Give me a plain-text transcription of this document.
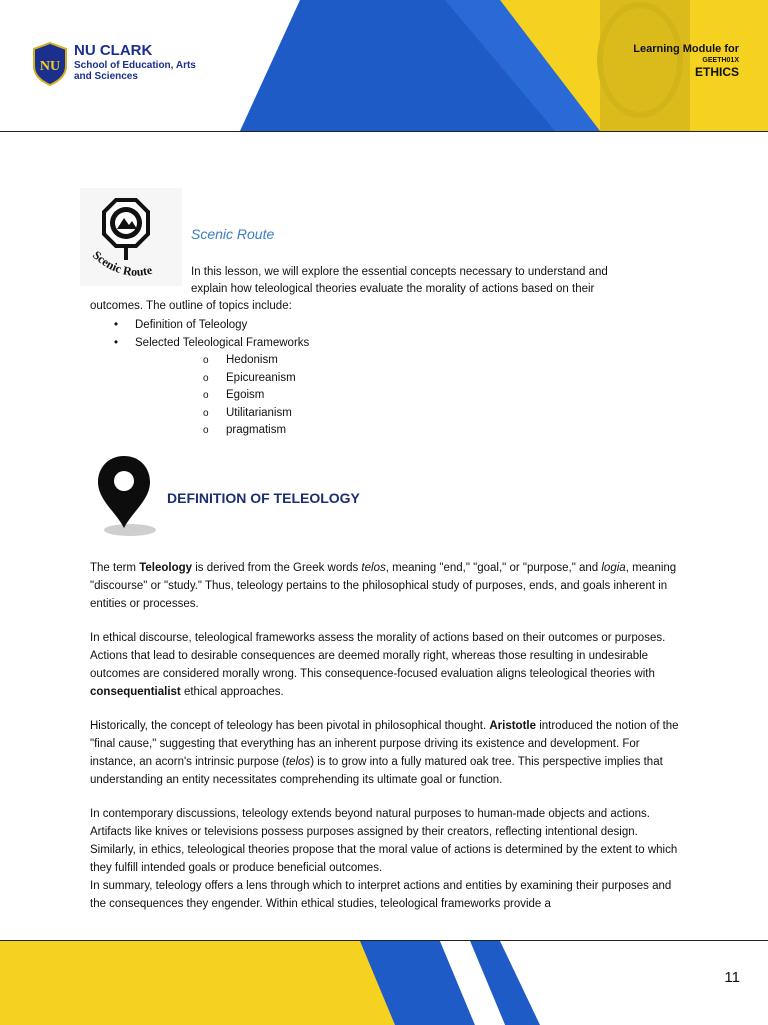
NU
NU CLARK
School of Education, Arts
and Sciences
Learning Module for
GEETH01X
ETHICS
Scenic Route
Scenic Route

In this lesson, we will explore the essential concepts necessary to understand and

explain how teleological theories evaluate the morality of actions based on their

outcomes. The outline of topics include:

• Definition of Teleology
• Selected Teleological Frameworks
o Hedonism
o Epicureanism
o Egoism
o Utilitarianism
o pragmatism
DEFINITION OF TELEOLOGY

The term Teleology is derived from the Greek words telos, meaning "end," "goal," or "purpose," and logia, meaning "discourse" or "study." Thus, teleology pertains to the philosophical study of purposes, ends, and goals inherent in entities or processes.

In ethical discourse, teleological frameworks assess the morality of actions based on their outcomes or purposes. Actions that lead to desirable consequences are deemed morally right, whereas those resulting in undesirable outcomes are considered morally wrong. This consequence-focused evaluation aligns teleological theories with consequentialist ethical approaches.

Historically, the concept of teleology has been pivotal in philosophical thought. Aristotle introduced the notion of the "final cause," suggesting that everything has an inherent purpose driving its existence and development. For instance, an acorn's intrinsic purpose (telos) is to grow into a fully matured oak tree. This perspective implies that understanding an entity necessitates comprehending its ultimate goal or function.

In contemporary discussions, teleology extends beyond natural purposes to human-made objects and actions. Artifacts like knives or televisions possess purposes assigned by their creators, reflecting intentional design. Similarly, in ethics, teleological theories propose that the moral value of actions is determined by the extent to which they fulfill intended goals or produce beneficial outcomes.

In summary, teleology offers a lens through which to interpret actions and entities by examining their purposes and the consequences they engender. Within ethical studies, teleological frameworks provide a

11
